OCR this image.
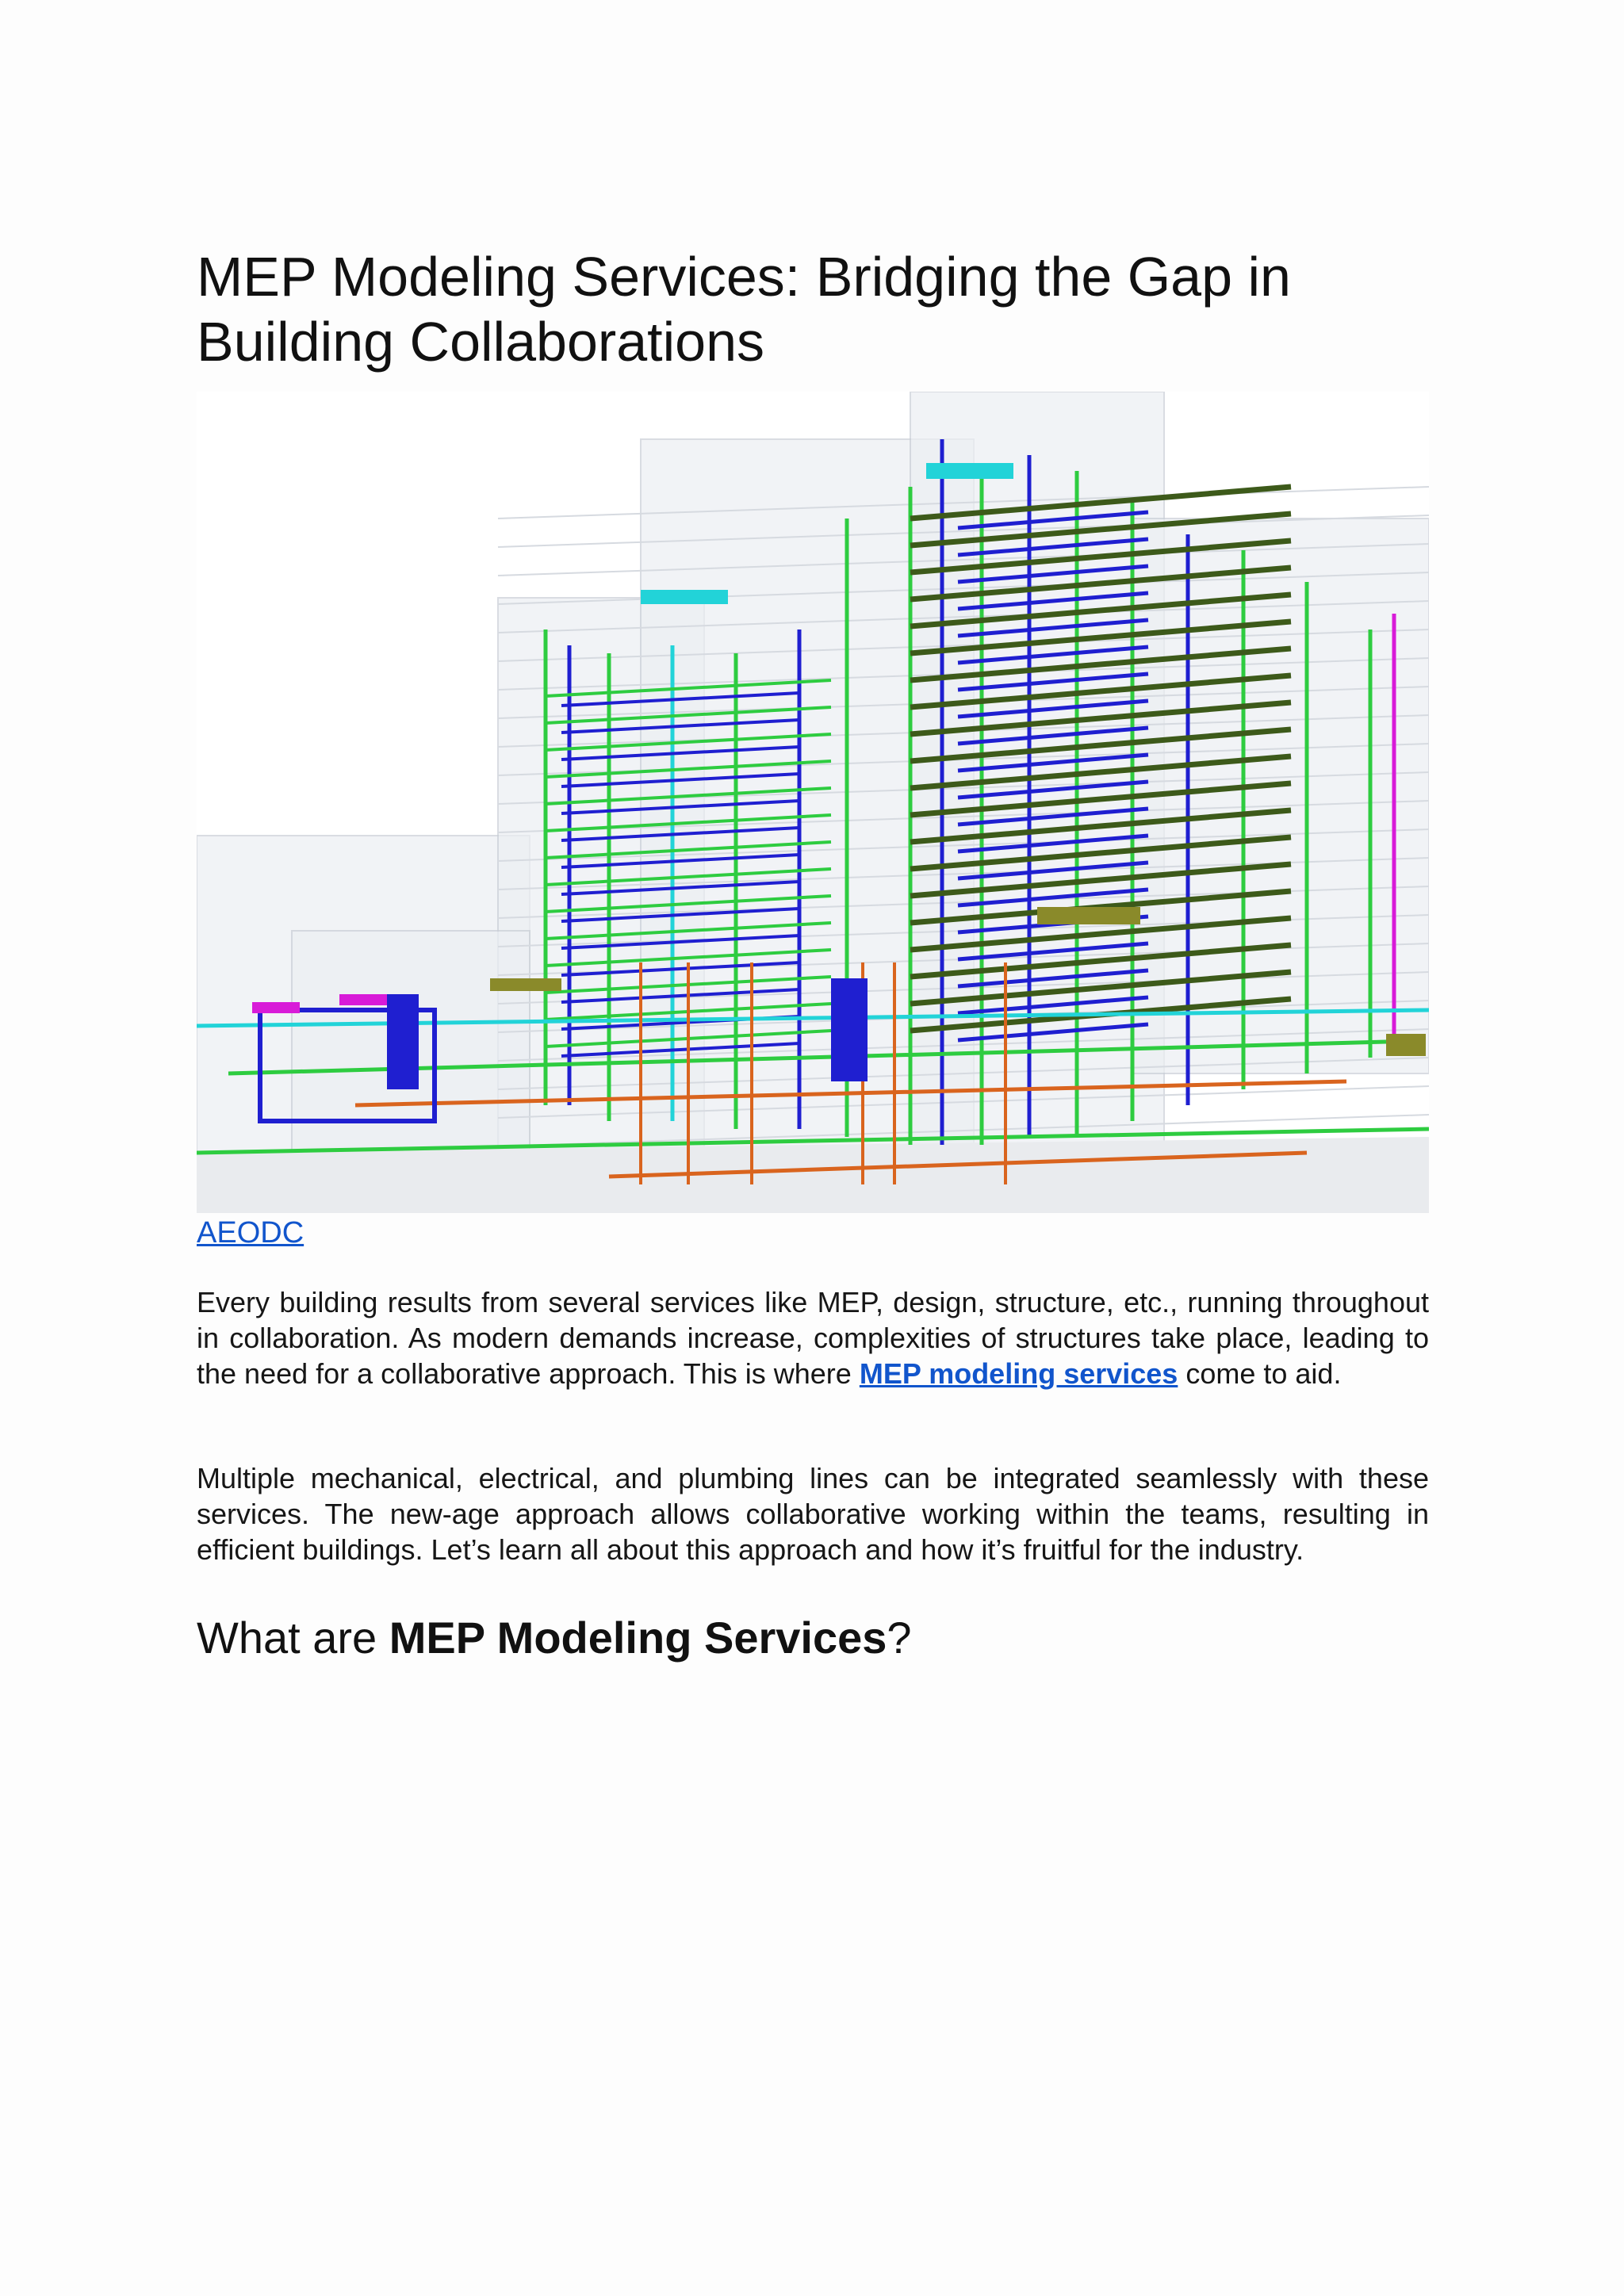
MEP Modeling Services: Bridging the Gap in Building Collaborations
AEODC

Every building results from several services like MEP, design, structure, etc., running throughout in collaboration. As modern demands increase, complexities of structures take place, leading to the need for a collaborative approach. This is where MEP modeling services come to aid.

Multiple mechanical, electrical, and plumbing lines can be integrated seamlessly with these services. The new-age approach allows collaborative working within the teams, resulting in efficient buildings. Let’s learn all about this approach and how it’s fruitful for the industry.

What are MEP Modeling Services?
